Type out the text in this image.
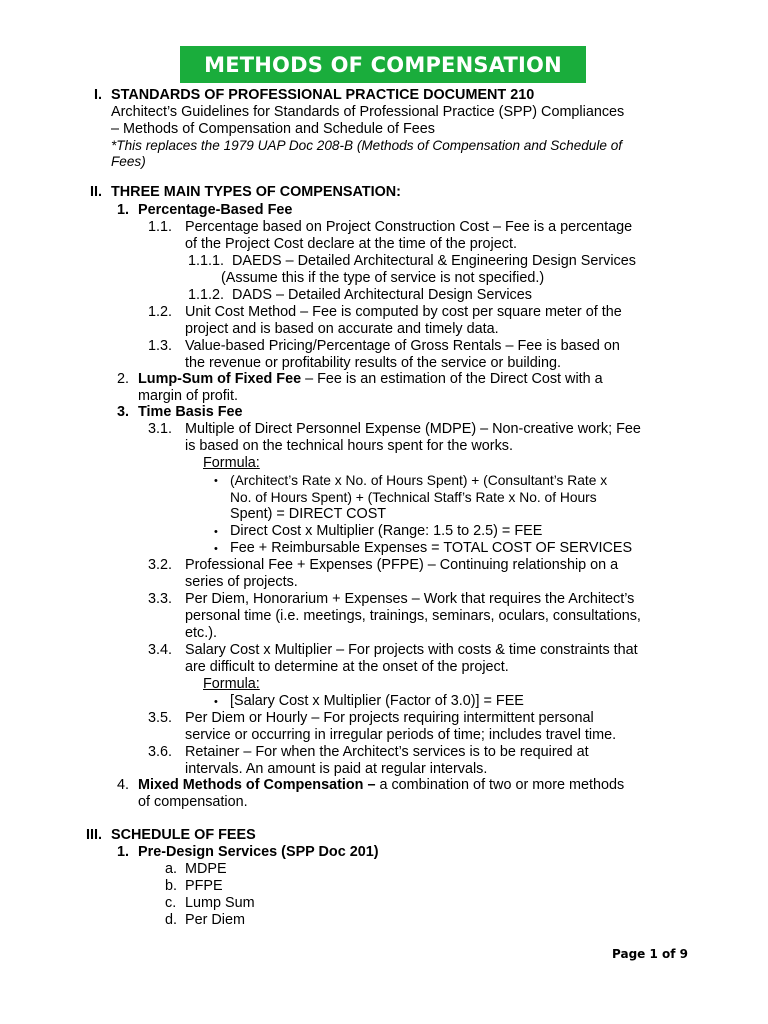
METHODS OF COMPENSATION
I. STANDARDS OF PROFESSIONAL PRACTICE DOCUMENT 210
Architect’s Guidelines for Standards of Professional Practice (SPP) Compliances
– Methods of Compensation and Schedule of Fees
*This replaces the 1979 UAP Doc 208-B (Methods of Compensation and Schedule of
Fees)
II. THREE MAIN TYPES OF COMPENSATION:
1. Percentage-Based Fee
1.1. Percentage based on Project Construction Cost – Fee is a percentage
of the Project Cost declare at the time of the project.
1.1.1. DAEDS – Detailed Architectural & Engineering Design Services
(Assume this if the type of service is not specified.)
1.1.2. DADS – Detailed Architectural Design Services
1.2. Unit Cost Method – Fee is computed by cost per square meter of the
project and is based on accurate and timely data.
1.3. Value-based Pricing/Percentage of Gross Rentals – Fee is based on
the revenue or profitability results of the service or building.
2. Lump-Sum of Fixed Fee – Fee is an estimation of the Direct Cost with a
margin of profit.
3. Time Basis Fee
3.1. Multiple of Direct Personnel Expense (MDPE) – Non-creative work; Fee
is based on the technical hours spent for the works.
Formula:
• (Architect’s Rate x No. of Hours Spent) + (Consultant’s Rate x
No. of Hours Spent) + (Technical Staff’s Rate x No. of Hours
Spent) = DIRECT COST
• Direct Cost x Multiplier (Range: 1.5 to 2.5) = FEE
• Fee + Reimbursable Expenses = TOTAL COST OF SERVICES
3.2. Professional Fee + Expenses (PFPE) – Continuing relationship on a
series of projects.
3.3. Per Diem, Honorarium + Expenses – Work that requires the Architect’s
personal time (i.e. meetings, trainings, seminars, oculars, consultations,
etc.).
3.4. Salary Cost x Multiplier – For projects with costs & time constraints that
are difficult to determine at the onset of the project.
Formula:
• [Salary Cost x Multiplier (Factor of 3.0)] = FEE
3.5. Per Diem or Hourly – For projects requiring intermittent personal
service or occurring in irregular periods of time; includes travel time.
3.6. Retainer – For when the Architect’s services is to be required at
intervals. An amount is paid at regular intervals.
4. Mixed Methods of Compensation – a combination of two or more methods
of compensation.
III. SCHEDULE OF FEES
1. Pre-Design Services (SPP Doc 201)
a. MDPE
b. PFPE
c. Lump Sum
d. Per Diem
Page 1 of 9
